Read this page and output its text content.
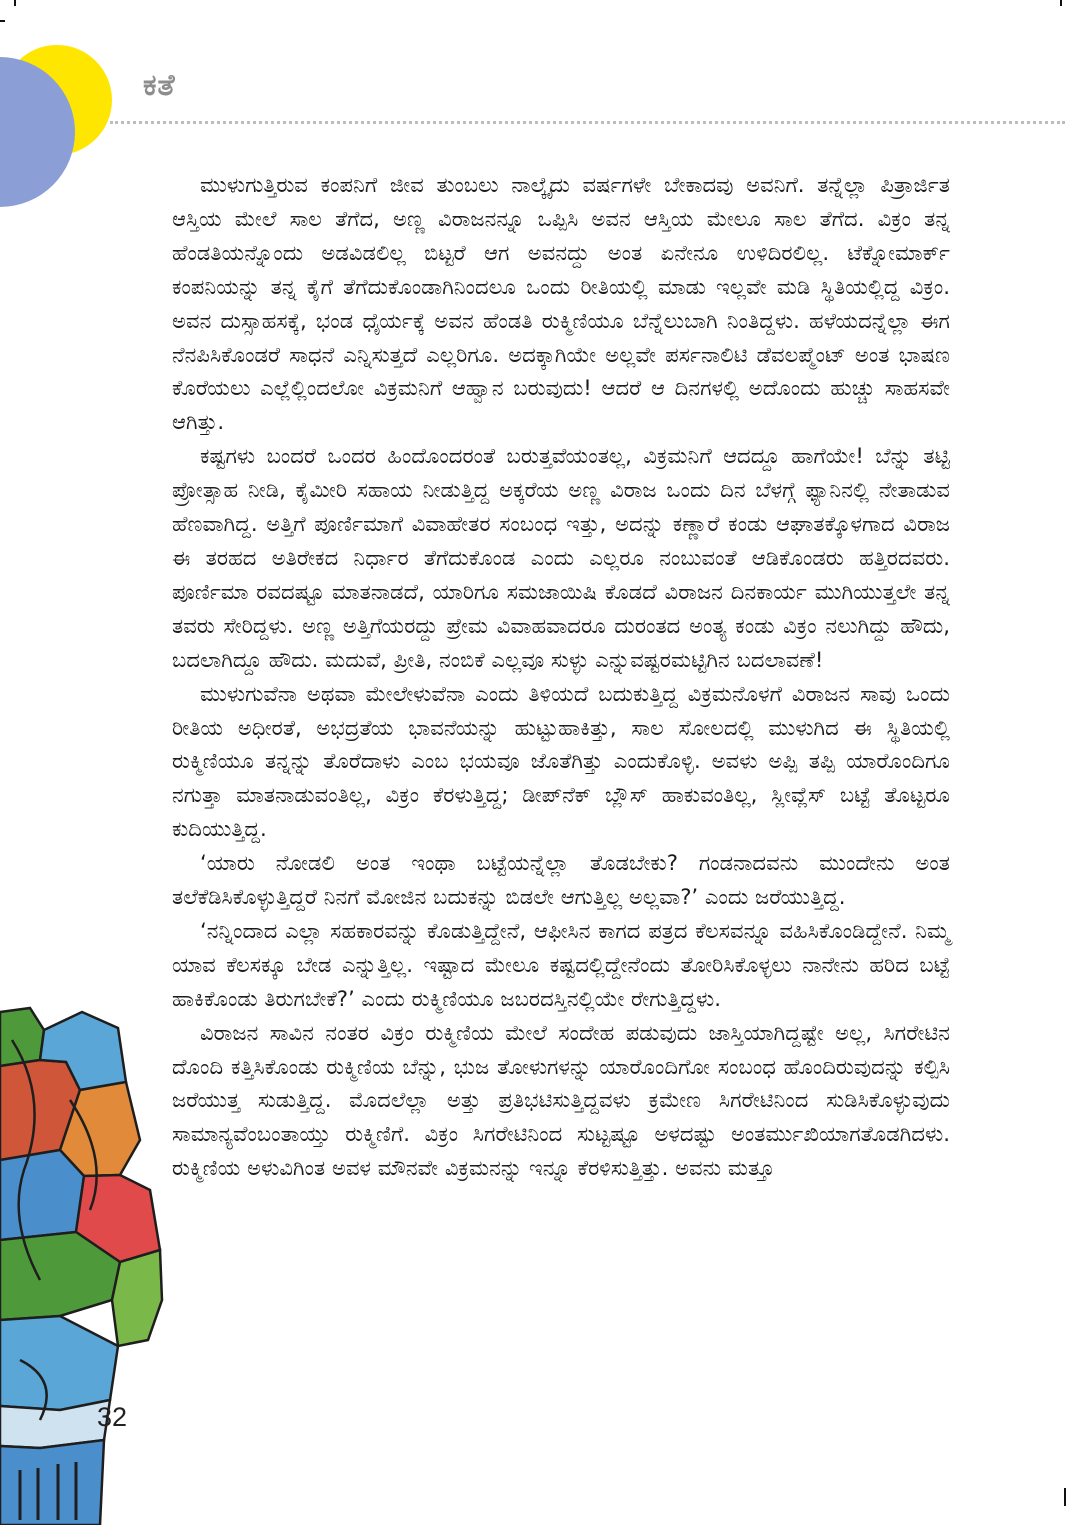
ಕತೆ

ಮುಳುಗುತ್ತಿರುವ ಕಂಪನಿಗೆ ಜೀವ ತುಂಬಲು ನಾಲ್ಕೈದು ವರ್ಷಗಳೇ ಬೇಕಾದವು ಅವನಿಗೆ. ತನ್ನೆಲ್ಲಾ ಪಿತ್ರಾರ್ಜಿತ ಆಸ್ತಿಯ ಮೇಲೆ ಸಾಲ ತೆಗೆದ, ಅಣ್ಣ ವಿರಾಜನನ್ನೂ ಒಪ್ಪಿಸಿ ಅವನ ಆಸ್ತಿಯ ಮೇಲೂ ಸಾಲ ತೆಗೆದ. ವಿಕ್ರಂ ತನ್ನ ಹೆಂಡತಿಯನ್ನೊಂದು ಅಡವಿಡಲಿಲ್ಲ ಬಿಟ್ಟರೆ ಆಗ ಅವನದ್ದು ಅಂತ ಏನೇನೂ ಉಳಿದಿರಲಿಲ್ಲ. ಟೆಕ್ನೋಮಾರ್ಕ್ ಕಂಪನಿಯನ್ನು ತನ್ನ ಕೈಗೆ ತೆಗೆದುಕೊಂಡಾಗಿನಿಂದಲೂ ಒಂದು ರೀತಿಯಲ್ಲಿ ಮಾಡು ಇಲ್ಲವೇ ಮಡಿ ಸ್ಥಿತಿಯಲ್ಲಿದ್ದ ವಿಕ್ರಂ. ಅವನ ದುಸ್ಸಾಹಸಕ್ಕೆ, ಭಂಡ ಧೈರ್ಯಕ್ಕೆ ಅವನ ಹೆಂಡತಿ ರುಕ್ಮಿಣಿಯೂ ಬೆನ್ನೆಲುಬಾಗಿ ನಿಂತಿದ್ದಳು. ಹಳೆಯದನ್ನೆಲ್ಲಾ ಈಗ ನೆನಪಿಸಿಕೊಂಡರೆ ಸಾಧನೆ ಎನ್ನಿಸುತ್ತದೆ ಎಲ್ಲರಿಗೂ. ಅದಕ್ಕಾಗಿಯೇ ಅಲ್ಲವೇ ಪರ್ಸನಾಲಿಟಿ ಡೆವಲಪ್ಮೆಂಟ್ ಅಂತ ಭಾಷಣ ಕೊರೆಯಲು ಎಲ್ಲೆಲ್ಲಿಂದಲೋ ವಿಕ್ರಮನಿಗೆ ಆಹ್ವಾನ ಬರುವುದು! ಆದರೆ ಆ ದಿನಗಳಲ್ಲಿ ಅದೊಂದು ಹುಚ್ಚು ಸಾಹಸವೇ ಆಗಿತ್ತು.

ಕಷ್ಟಗಳು ಬಂದರೆ ಒಂದರ ಹಿಂದೊಂದರಂತೆ ಬರುತ್ತವೆಯಂತಲ್ಲ, ವಿಕ್ರಮನಿಗೆ ಆದದ್ದೂ ಹಾಗೆಯೇ! ಬೆನ್ನು ತಟ್ಟಿ ಪ್ರೋತ್ಸಾಹ ನೀಡಿ, ಕೈಮೀರಿ ಸಹಾಯ ನೀಡುತ್ತಿದ್ದ ಅಕ್ಕರೆಯ ಅಣ್ಣ ವಿರಾಜ ಒಂದು ದಿನ ಬೆಳಗ್ಗೆ ಫ್ಯಾನಿನಲ್ಲಿ ನೇತಾಡುವ ಹೆಣವಾಗಿದ್ದ. ಅತ್ತಿಗೆ ಪೂರ್ಣಿಮಾಗೆ ವಿವಾಹೇತರ ಸಂಬಂಧ ಇತ್ತು, ಅದನ್ನು ಕಣ್ಣಾರೆ ಕಂಡು ಆಘಾತಕ್ಕೊಳಗಾದ ವಿರಾಜ ಈ ತರಹದ ಅತಿರೇಕದ ನಿರ್ಧಾರ ತೆಗೆದುಕೊಂಡ ಎಂದು ಎಲ್ಲರೂ ನಂಬುವಂತೆ ಆಡಿಕೊಂಡರು ಹತ್ತಿರದವರು. ಪೂರ್ಣಿಮಾ ರವದಷ್ಟೂ ಮಾತನಾಡದೆ, ಯಾರಿಗೂ ಸಮಜಾಯಿಷಿ ಕೊಡದೆ ವಿರಾಜನ ದಿನಕಾರ್ಯ ಮುಗಿಯುತ್ತಲೇ ತನ್ನ ತವರು ಸೇರಿದ್ದಳು. ಅಣ್ಣ ಅತ್ತಿಗೆಯರದ್ದು ಪ್ರೇಮ ವಿವಾಹವಾದರೂ ದುರಂತದ ಅಂತ್ಯ ಕಂಡು ವಿಕ್ರಂ ನಲುಗಿದ್ದು ಹೌದು, ಬದಲಾಗಿದ್ದೂ ಹೌದು. ಮದುವೆ, ಪ್ರೀತಿ, ನಂಬಿಕೆ ಎಲ್ಲವೂ ಸುಳ್ಳು ಎನ್ನುವಷ್ಟರಮಟ್ಟಿಗಿನ ಬದಲಾವಣೆ!

ಮುಳುಗುವೆನಾ ಅಥವಾ ಮೇಲೇಳುವೆನಾ ಎಂದು ತಿಳಿಯದೆ ಬದುಕುತ್ತಿದ್ದ ವಿಕ್ರಮನೊಳಗೆ ವಿರಾಜನ ಸಾವು ಒಂದು ರೀತಿಯ ಅಧೀರತೆ, ಅಭದ್ರತೆಯ ಭಾವನೆಯನ್ನು ಹುಟ್ಟುಹಾಕಿತ್ತು, ಸಾಲ ಸೋಲದಲ್ಲಿ ಮುಳುಗಿದ ಈ ಸ್ಥಿತಿಯಲ್ಲಿ ರುಕ್ಮಿಣಿಯೂ ತನ್ನನ್ನು ತೊರೆದಾಳು ಎಂಬ ಭಯವೂ ಜೊತೆಗಿತ್ತು ಎಂದುಕೊಳ್ಳಿ. ಅವಳು ಅಪ್ಪಿ ತಪ್ಪಿ ಯಾರೊಂದಿಗೂ ನಗುತ್ತಾ ಮಾತನಾಡುವಂತಿಲ್ಲ, ವಿಕ್ರಂ ಕೆರಳುತ್ತಿದ್ದ; ಡೀಪ್‌ನೆಕ್ ಬ್ಲೌಸ್ ಹಾಕುವಂತಿಲ್ಲ, ಸ್ಲೀವ್ಲೆಸ್ ಬಟ್ಟೆ ತೊಟ್ಟರೂ ಕುದಿಯುತ್ತಿದ್ದ.

‘ಯಾರು ನೋಡಲಿ ಅಂತ ಇಂಥಾ ಬಟ್ಟೆಯನ್ನೆಲ್ಲಾ ತೊಡಬೇಕು? ಗಂಡನಾದವನು ಮುಂದೇನು ಅಂತ ತಲೆಕೆಡಿಸಿಕೊಳ್ಳುತ್ತಿದ್ದರೆ ನಿನಗೆ ಮೋಜಿನ ಬದುಕನ್ನು ಬಿಡಲೇ ಆಗುತ್ತಿಲ್ಲ ಅಲ್ಲವಾ?’ ಎಂದು ಜರೆಯುತ್ತಿದ್ದ.

‘ನನ್ನಿಂದಾದ ಎಲ್ಲಾ ಸಹಕಾರವನ್ನು ಕೊಡುತ್ತಿದ್ದೇನೆ, ಆಫೀಸಿನ ಕಾಗದ ಪತ್ರದ ಕೆಲಸವನ್ನೂ ವಹಿಸಿಕೊಂಡಿದ್ದೇನೆ. ನಿಮ್ಮ ಯಾವ ಕೆಲಸಕ್ಕೂ ಬೇಡ ಎನ್ನುತ್ತಿಲ್ಲ. ಇಷ್ಟಾದ ಮೇಲೂ ಕಷ್ಟದಲ್ಲಿದ್ದೇನೆಂದು ತೋರಿಸಿಕೊಳ್ಳಲು ನಾನೇನು ಹರಿದ ಬಟ್ಟೆ ಹಾಕಿಕೊಂಡು ತಿರುಗಬೇಕೆ?’ ಎಂದು ರುಕ್ಮಿಣಿಯೂ ಜಬರದಸ್ತಿನಲ್ಲಿಯೇ ರೇಗುತ್ತಿದ್ದಳು.

ವಿರಾಜನ ಸಾವಿನ ನಂತರ ವಿಕ್ರಂ ರುಕ್ಮಿಣಿಯ ಮೇಲೆ ಸಂದೇಹ ಪಡುವುದು ಜಾಸ್ತಿಯಾಗಿದ್ದಷ್ಟೇ ಅಲ್ಲ, ಸಿಗರೇಟಿನ ದೊಂದಿ ಕತ್ತಿಸಿಕೊಂಡು ರುಕ್ಮಿಣಿಯ ಬೆನ್ನು, ಭುಜ ತೋಳುಗಳನ್ನು ಯಾರೊಂದಿಗೋ ಸಂಬಂಧ ಹೊಂದಿರುವುದನ್ನು ಕಲ್ಪಿಸಿ ಜರೆಯುತ್ತ ಸುಡುತ್ತಿದ್ದ. ಮೊದಲೆಲ್ಲಾ ಅತ್ತು ಪ್ರತಿಭಟಿಸುತ್ತಿದ್ದವಳು ಕ್ರಮೇಣ ಸಿಗರೇಟಿನಿಂದ ಸುಡಿಸಿಕೊಳ್ಳುವುದು ಸಾಮಾನ್ಯವೆಂಬಂತಾಯ್ತು ರುಕ್ಮಿಣಿಗೆ. ವಿಕ್ರಂ ಸಿಗರೇಟಿನಿಂದ ಸುಟ್ಟಷ್ಟೂ ಅಳದಷ್ಟು ಅಂತರ್ಮುಖಿಯಾಗತೊಡಗಿದಳು. ರುಕ್ಮಿಣಿಯ ಅಳುವಿಗಿಂತ ಅವಳ ಮೌನವೇ ವಿಕ್ರಮನನ್ನು ಇನ್ನೂ ಕೆರಳಿಸುತ್ತಿತ್ತು. ಅವನು ಮತ್ತೂ

32
